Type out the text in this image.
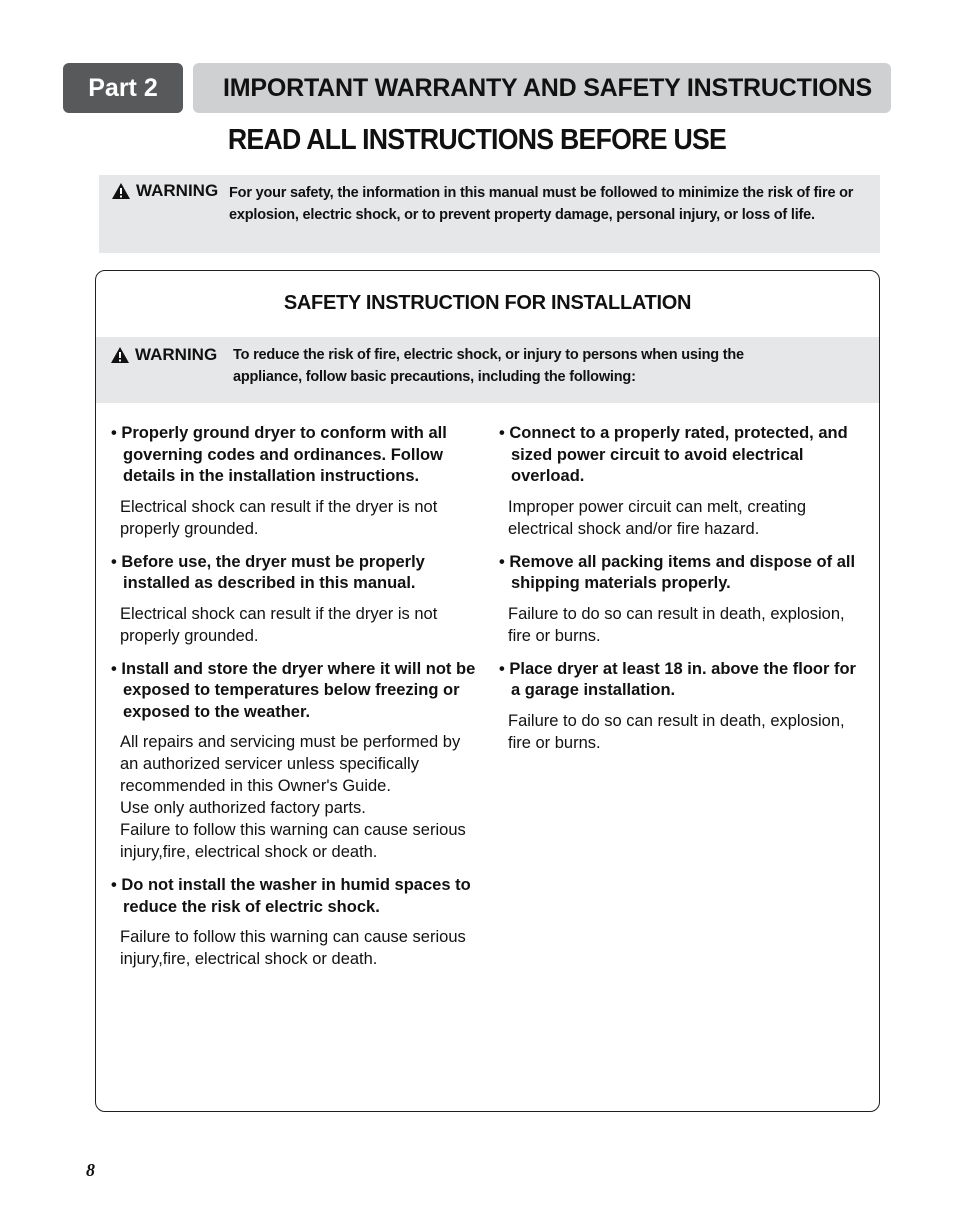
Part 2	IMPORTANT WARRANTY AND SAFETY INSTRUCTIONS
READ ALL INSTRUCTIONS BEFORE USE
WARNING For your safety, the information in this manual must be followed to minimize the risk of fire or explosion, electric shock, or to prevent property damage, personal injury, or loss of life.
SAFETY INSTRUCTION FOR INSTALLATION
WARNING To reduce the risk of fire, electric shock, or injury to persons when using the appliance, follow basic precautions, including the following:

• Properly ground dryer to conform with all governing codes and ordinances. Follow details in the installation instructions.

Electrical shock can result if the dryer is not properly grounded.

• Before use, the dryer must be properly installed as described in this manual.

Electrical shock can result if the dryer is not properly grounded.

• Install and store the dryer where it will not be exposed to temperatures below freezing or exposed to the weather.

All repairs and servicing must be performed by an authorized servicer unless specifically recommended in this Owner's Guide.
Use only authorized factory parts.
Failure to follow this warning can cause serious injury,fire, electrical shock or death.

• Do not install the washer in humid spaces to reduce the risk of electric shock.

Failure to follow this warning can cause serious injury,fire, electrical shock or death.

• Connect to a properly rated, protected, and sized power circuit to avoid electrical overload.

Improper power circuit can melt, creating electrical shock and/or fire hazard.

• Remove all packing items and dispose of all shipping materials properly.

Failure to do so can result in death, explosion, fire or burns.

• Place dryer at least 18 in. above the floor for a garage installation.

Failure to do so can result in death, explosion, fire or burns.

8
